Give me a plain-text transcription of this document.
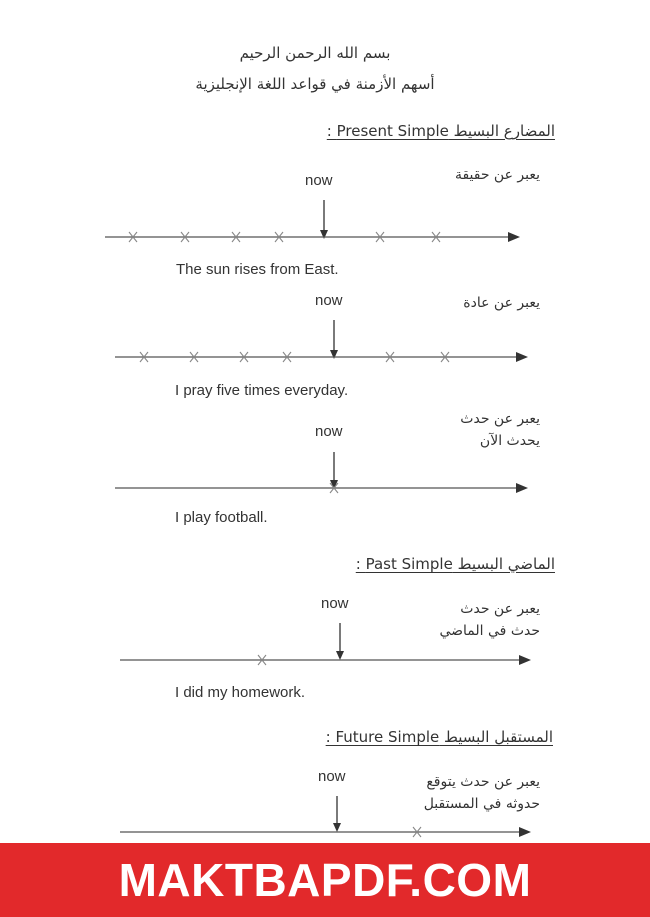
بسم الله الرحمن الرحيم
أسهم الأزمنة في قواعد اللغة الإنجليزية
المضارع البسيط Present Simple :
يعبر عن حقيقة
now
The sun rises from East.
يعبر عن عادة
now
I pray five times everyday.
يعبر عن حدث
يحدث الآن
now
I play football.
الماضي البسيط Past Simple :
يعبر عن حدث
حدث في الماضي
now
I did my homework.
المستقبل البسيط Future Simple :
يعبر عن حدث يتوقع
حدوثه في المستقبل
now
MAKTBAPDF.COM
